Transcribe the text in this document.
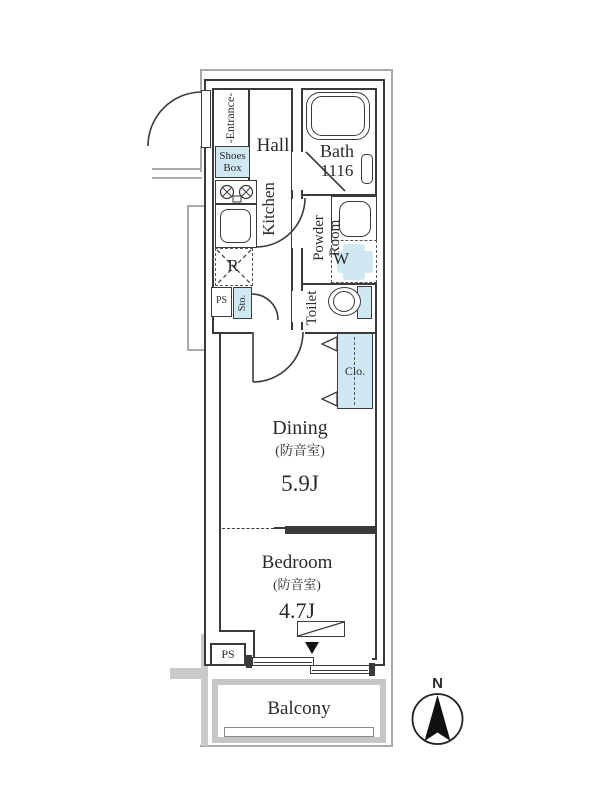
Hall	Bath
1116
-Entrance-
Shoes
Box
Kitchen
Powder Room
Toilet
Sto.
PS
R	W
Clo.
Dining
(防音室)
5.9J
Bedroom
(防音室)
4.7J
PS
Balcony
N
